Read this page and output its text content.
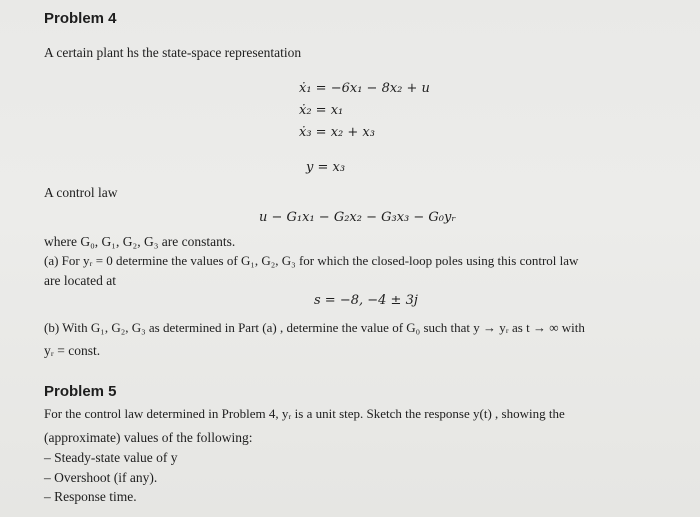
Problem 4
A certain plant hs the state-space representation
ẋ₁ = −6x₁ − 8x₂ + u
ẋ₂ = x₁
ẋ₃ = x₂ + x₃
y = x₃
A control law
u − G₁x₁ − G₂x₂ − G₃x₃ − G₀yᵣ
where G₀, G₁, G₂, G₃ are constants.
(a) For yᵣ = 0 determine the values of G₁, G₂, G₃ for which the closed-loop poles using this control law
are located at
s = −8, −4 ± 3j
(b) With G₁, G₂, G₃ as determined in Part (a) , determine the value of G₀ such that y → yᵣ as t → ∞ with
yᵣ = const.
Problem 5
For the control law determined in Problem 4, yᵣ is a unit step. Sketch the response y(t) , showing the
(approximate) values of the following:
– Steady-state value of y
– Overshoot (if any).
– Response time.
